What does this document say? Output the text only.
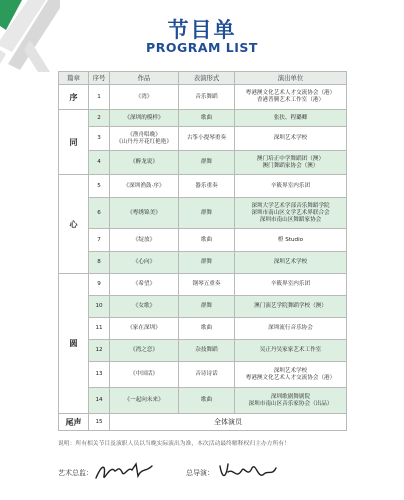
节目单
PROGRAM LIST
篇章	序号	作品	表演形式	演出单位
序	1	《湾》	音乐舞蹈	粤港澳文化艺术人才交流协会（港）
香港普腾艺术工作室（港）

同	2	《深圳的模样》	歌曲	张扶、程璐卿

	3	《渔舟唱晚》
《山丹丹开花红艳艳》	古筝小提琴重奏	深圳艺术学校

	4	《醉龙说》	群舞	澳门培正中学舞蹈团（澳）
澳门舞蹈家协会（澳）

心	5	《深圳渔鼓·序》	器乐重奏	辛筱界室内乐团

	6	《粤绣锦美》	群舞	深圳大学艺术学部音乐舞蹈学院
深圳市南山区文学艺术界联合会
深圳市南山区舞蹈家协会

	7	《绽放》	歌曲	橙 Studio

	8	《心向》	群舞	深圳艺术学校

圆	9	《希望》	钢琴五重奏	辛筱界室内乐团

	10	《女歌》	群舞	澳门演艺学院舞蹈学校（澳）

	11	《家在深圳》	歌曲	深圳流行音乐协会

	12	《湾之恋》	杂技舞蹈	吴正丹吴家家艺术工作室

	13	《中国话》	音诗诗话	深圳艺术学校
粤港澳文化艺术人才交流协会（港）

	14	《一起向未来》	歌曲	深圳歌剧舞剧院
深圳市南山区音乐家协会（出品）

尾声	15	全体演员		
说明：所有相关节目及演职人员以当晚实际演出为准，本次活动最终解释权归主办方所有！
艺术总监：	总导演：
